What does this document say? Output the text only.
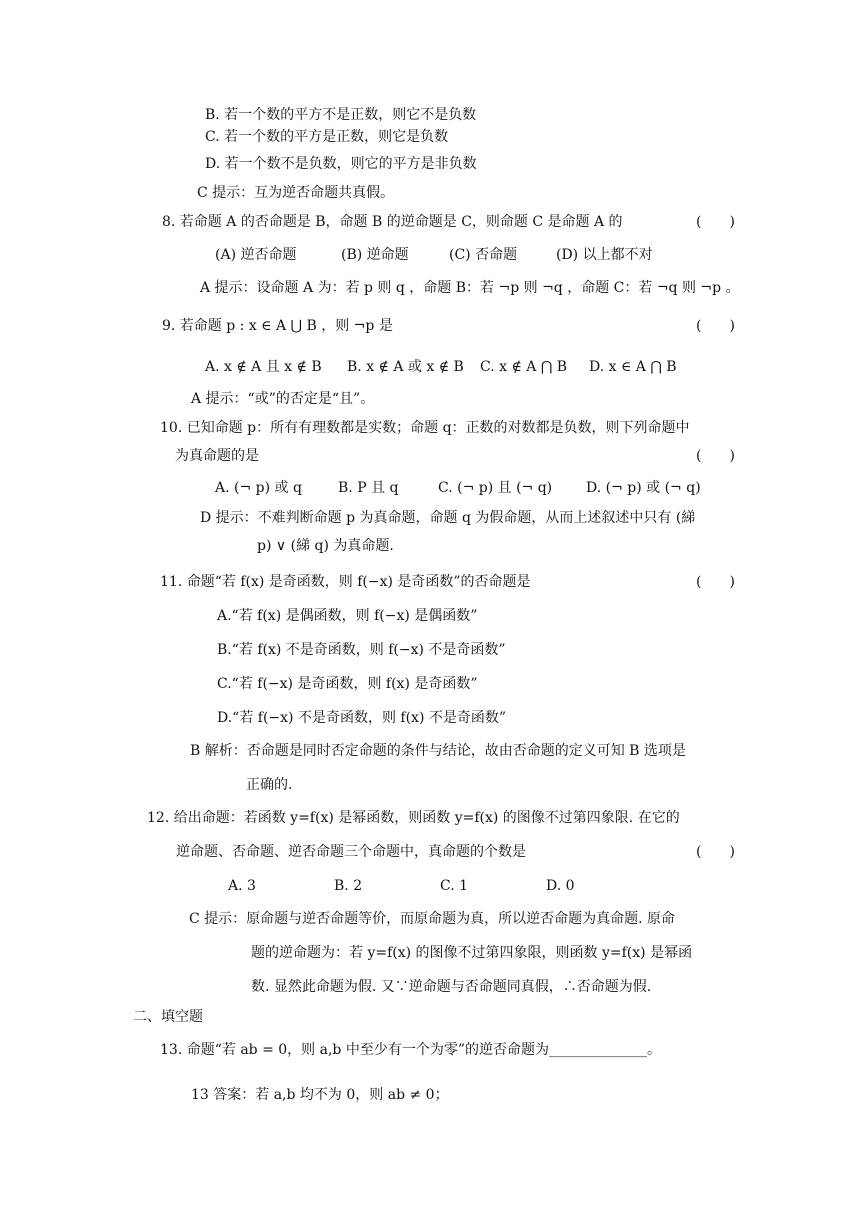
B. 若一个数的平方不是正数，则它不是负数
C. 若一个数的平方是正数，则它是负数
D. 若一个数不是负数，则它的平方是非负数
C 提示：互为逆否命题共真假。
8. 若命题 A 的否命题是 B，命题 B 的逆命题是 C，则命题 C 是命题 A 的	(　　)
(A) 逆否命题	(B) 逆命题	(C) 否命题	(D) 以上都不对
A 提示：设命题 A 为：若 p 则 q ，命题 B：若 ¬p 则 ¬q ，命题 C：若 ¬q 则 ¬p 。
9. 若命题 p : x ∈ A ⋃ B ，则 ¬p 是	(　　)
A. x ∉ A 且 x ∉ B B. x ∉ A 或 x ∉ B C. x ∉ A ⋂ B D. x ∈ A ⋂ B
A 提示：“或”的否定是“且”。
10. 已知命题 p：所有有理数都是实数；命题 q：正数的对数都是负数，则下列命题中
为真命题的是	(　　)
A. (¬ p) 或 q	B. P 且 q	C. (¬ p) 且 (¬ q) D. (¬ p) 或 (¬ q)
D 提示：不难判断命题 p 为真命题，命题 q 为假命题，从而上述叙述中只有 (綈
p) ∨ (綈 q) 为真命题.
11. 命题“若 f(x) 是奇函数，则 f(−x) 是奇函数”的否命题是	(　　)
A.“若 f(x) 是偶函数，则 f(−x) 是偶函数”
B.“若 f(x) 不是奇函数，则 f(−x) 不是奇函数”
C.“若 f(−x) 是奇函数，则 f(x) 是奇函数”
D.“若 f(−x) 不是奇函数，则 f(x) 不是奇函数”
B 解析：否命题是同时否定命题的条件与结论，故由否命题的定义可知 B 选项是
正确的.
12. 给出命题：若函数 y=f(x) 是幂函数，则函数 y=f(x) 的图像不过第四象限. 在它的
逆命题、否命题、逆否命题三个命题中，真命题的个数是	(　　)
A. 3	B. 2	C. 1	D. 0
C 提示：原命题与逆否命题等价，而原命题为真，所以逆否命题为真命题. 原命
题的逆命题为：若 y=f(x) 的图像不过第四象限，则函数 y=f(x) 是幂函
数. 显然此命题为假. 又∵逆命题与否命题同真假，∴否命题为假.
二、填空题
13. 命题“若 ab = 0，则 a,b 中至少有一个为零”的逆否命题为______________。
13 答案：若 a,b 均不为 0，则 ab ≠ 0；
